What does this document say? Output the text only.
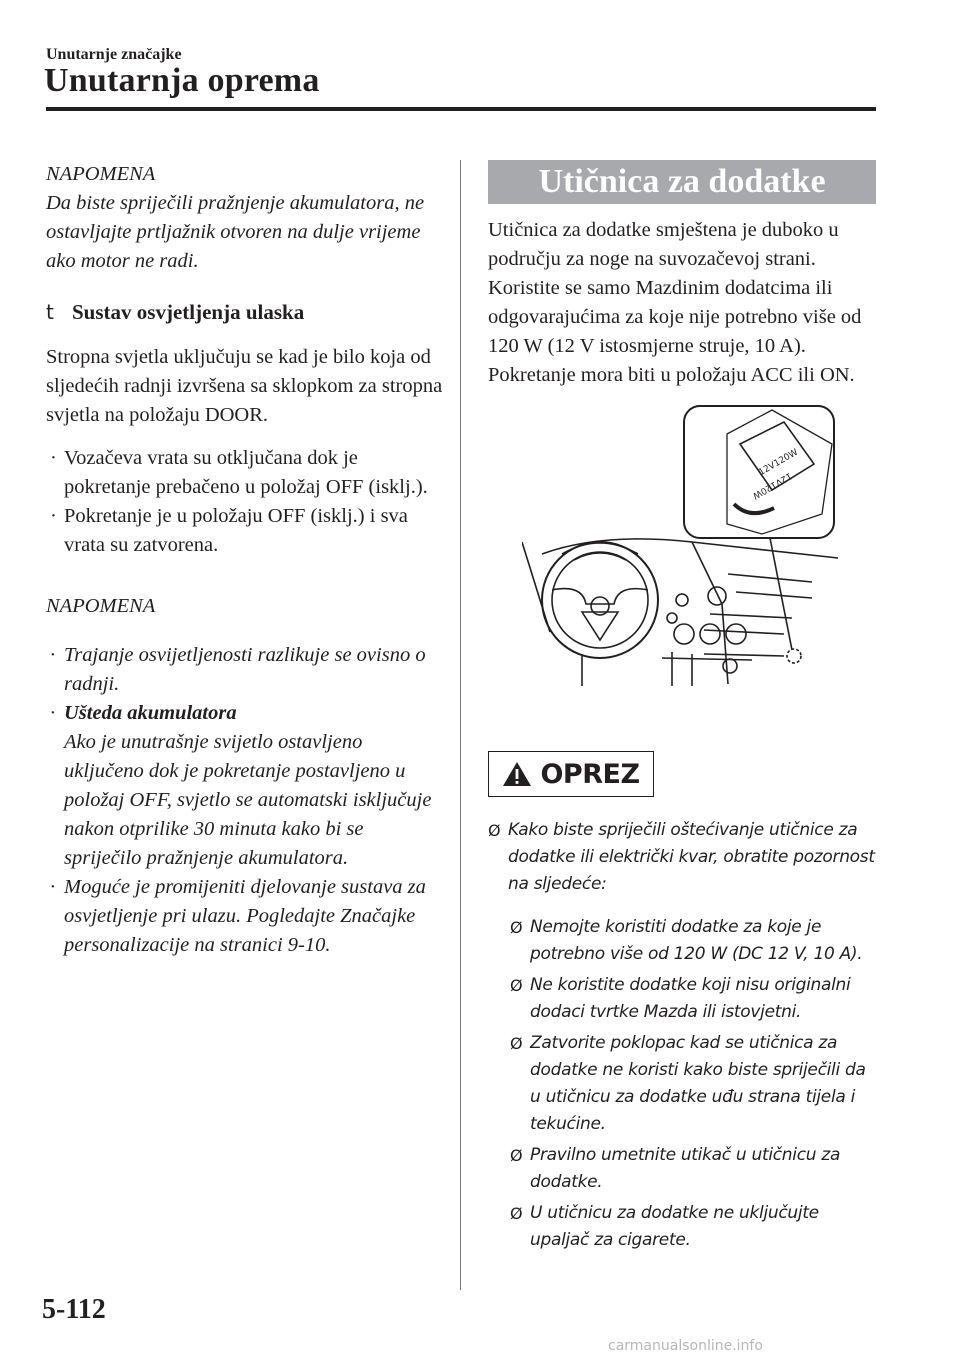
Unutarnje značajke
Unutarnja oprema

NAPOMENA

Da biste spriječili pražnjenje akumulatora, ne ostavljajte prtljažnik otvoren na dulje vrijeme ako motor ne radi.

t Sustav osvjetljenja ulaska

Stropna svjetla uključuju se kad je bilo koja od sljedećih radnji izvršena sa sklopkom za stropna svjetla na položaju DOOR.

· Vozačeva vrata su otključana dok je pokretanje prebačeno u položaj OFF (isklj.).
· Pokretanje je u položaju OFF (isklj.) i sva vrata su zatvorena.

NAPOMENA

· Trajanje osvijetljenosti razlikuje se ovisno o radnji.
· Ušteda akumulatora
Ako je unutrašnje svijetlo ostavljeno uključeno dok je pokretanje postavljeno u položaj OFF, svjetlo se automatski isključuje nakon otprilike 30 minuta kako bi se spriječilo pražnjenje akumulatora.
· Moguće je promijeniti djelovanje sustava za osvjetljenje pri ulazu. Pogledajte Značajke personalizacije na stranici 9-10.
Utičnica za dodatke

Utičnica za dodatke smještena je duboko u području za noge na suvozačevoj strani. Koristite se samo Mazdinim dodatcima ili odgovarajućima za koje nije potrebno više od 120 W (12 V istosmjerne struje, 10 A). Pokretanje mora biti u položaju ACC ili ON.

12V120W
12V120W
OPREZ
Ø Kako biste spriječili oštećivanje utičnice za dodatke ili električki kvar, obratite pozornost na sljedeće:
Ø Nemojte koristiti dodatke za koje je potrebno više od 120 W (DC 12 V, 10 A).
Ø Ne koristite dodatke koji nisu originalni dodaci tvrtke Mazda ili istovjetni.
Ø Zatvorite poklopac kad se utičnica za dodatke ne koristi kako biste spriječili da u utičnicu za dodatke uđu strana tijela i tekućine.
Ø Pravilno umetnite utikač u utičnicu za dodatke.
Ø U utičnicu za dodatke ne uključujte upaljač za cigarete.
5-112
carmanualsonline.info
